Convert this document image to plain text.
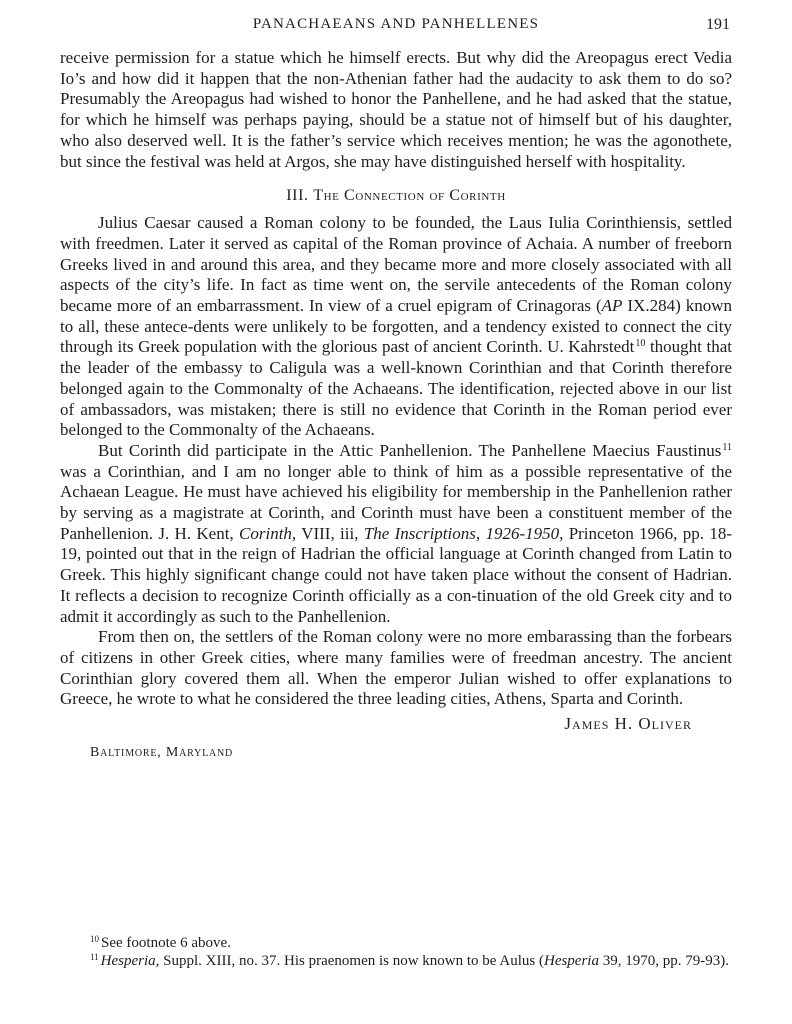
PANACHAEANS AND PANHELLENES	191

receive permission for a statue which he himself erects. But why did the Areopagus erect Vedia Io’s and how did it happen that the non-Athenian father had the audacity to ask them to do so? Presumably the Areopagus had wished to honor the Panhellene, and he had asked that the statue, for which he himself was perhaps paying, should be a statue not of himself but of his daughter, who also deserved well. It is the father’s service which receives mention; he was the agonothete, but since the festival was held at Argos, she may have distinguished herself with hospitality.

III. The Connection of Corinth

Julius Caesar caused a Roman colony to be founded, the Laus Iulia Corinthiensis, settled with freedmen. Later it served as capital of the Roman province of Achaia. A number of freeborn Greeks lived in and around this area, and they became more and more closely associated with all aspects of the city’s life. In fact as time went on, the servile antecedents of the Roman colony became more of an embarrassment. In view of a cruel epigram of Crinagoras (AP IX.284) known to all, these antece-dents were unlikely to be forgotten, and a tendency existed to connect the city through its Greek population with the glorious past of ancient Corinth. U. Kahrstedt$^{10}$ thought that the leader of the embassy to Caligula was a well-known Corinthian and that Corinth therefore belonged again to the Commonalty of the Achaeans. The identification, rejected above in our list of ambassadors, was mistaken; there is still no evidence that Corinth in the Roman period ever belonged to the Commonalty of the Achaeans.

But Corinth did participate in the Attic Panhellenion. The Panhellene Maecius Faustinus$^{11}$ was a Corinthian, and I am no longer able to think of him as a possible representative of the Achaean League. He must have achieved his eligibility for membership in the Panhellenion rather by serving as a magistrate at Corinth, and Corinth must have been a constituent member of the Panhellenion. J. H. Kent, Corinth, VIII, iii, The Inscriptions, 1926-1950, Princeton 1966, pp. 18-19, pointed out that in the reign of Hadrian the official language at Corinth changed from Latin to Greek. This highly significant change could not have taken place without the consent of Hadrian. It reflects a decision to recognize Corinth officially as a con-tinuation of the old Greek city and to admit it accordingly as such to the Panhellenion.

From then on, the settlers of the Roman colony were no more embarassing than the forbears of citizens in other Greek cities, where many families were of freedman ancestry. The ancient Corinthian glory covered them all. When the emperor Julian wished to offer explanations to Greece, he wrote to what he considered the three leading cities, Athens, Sparta and Corinth.

James H. Oliver
Baltimore, Maryland
$^{10}$ See footnote 6 above.
$^{11}$ Hesperia, Suppl. XIII, no. 37. His praenomen is now known to be Aulus (Hesperia 39, 1970, pp. 79-93).
